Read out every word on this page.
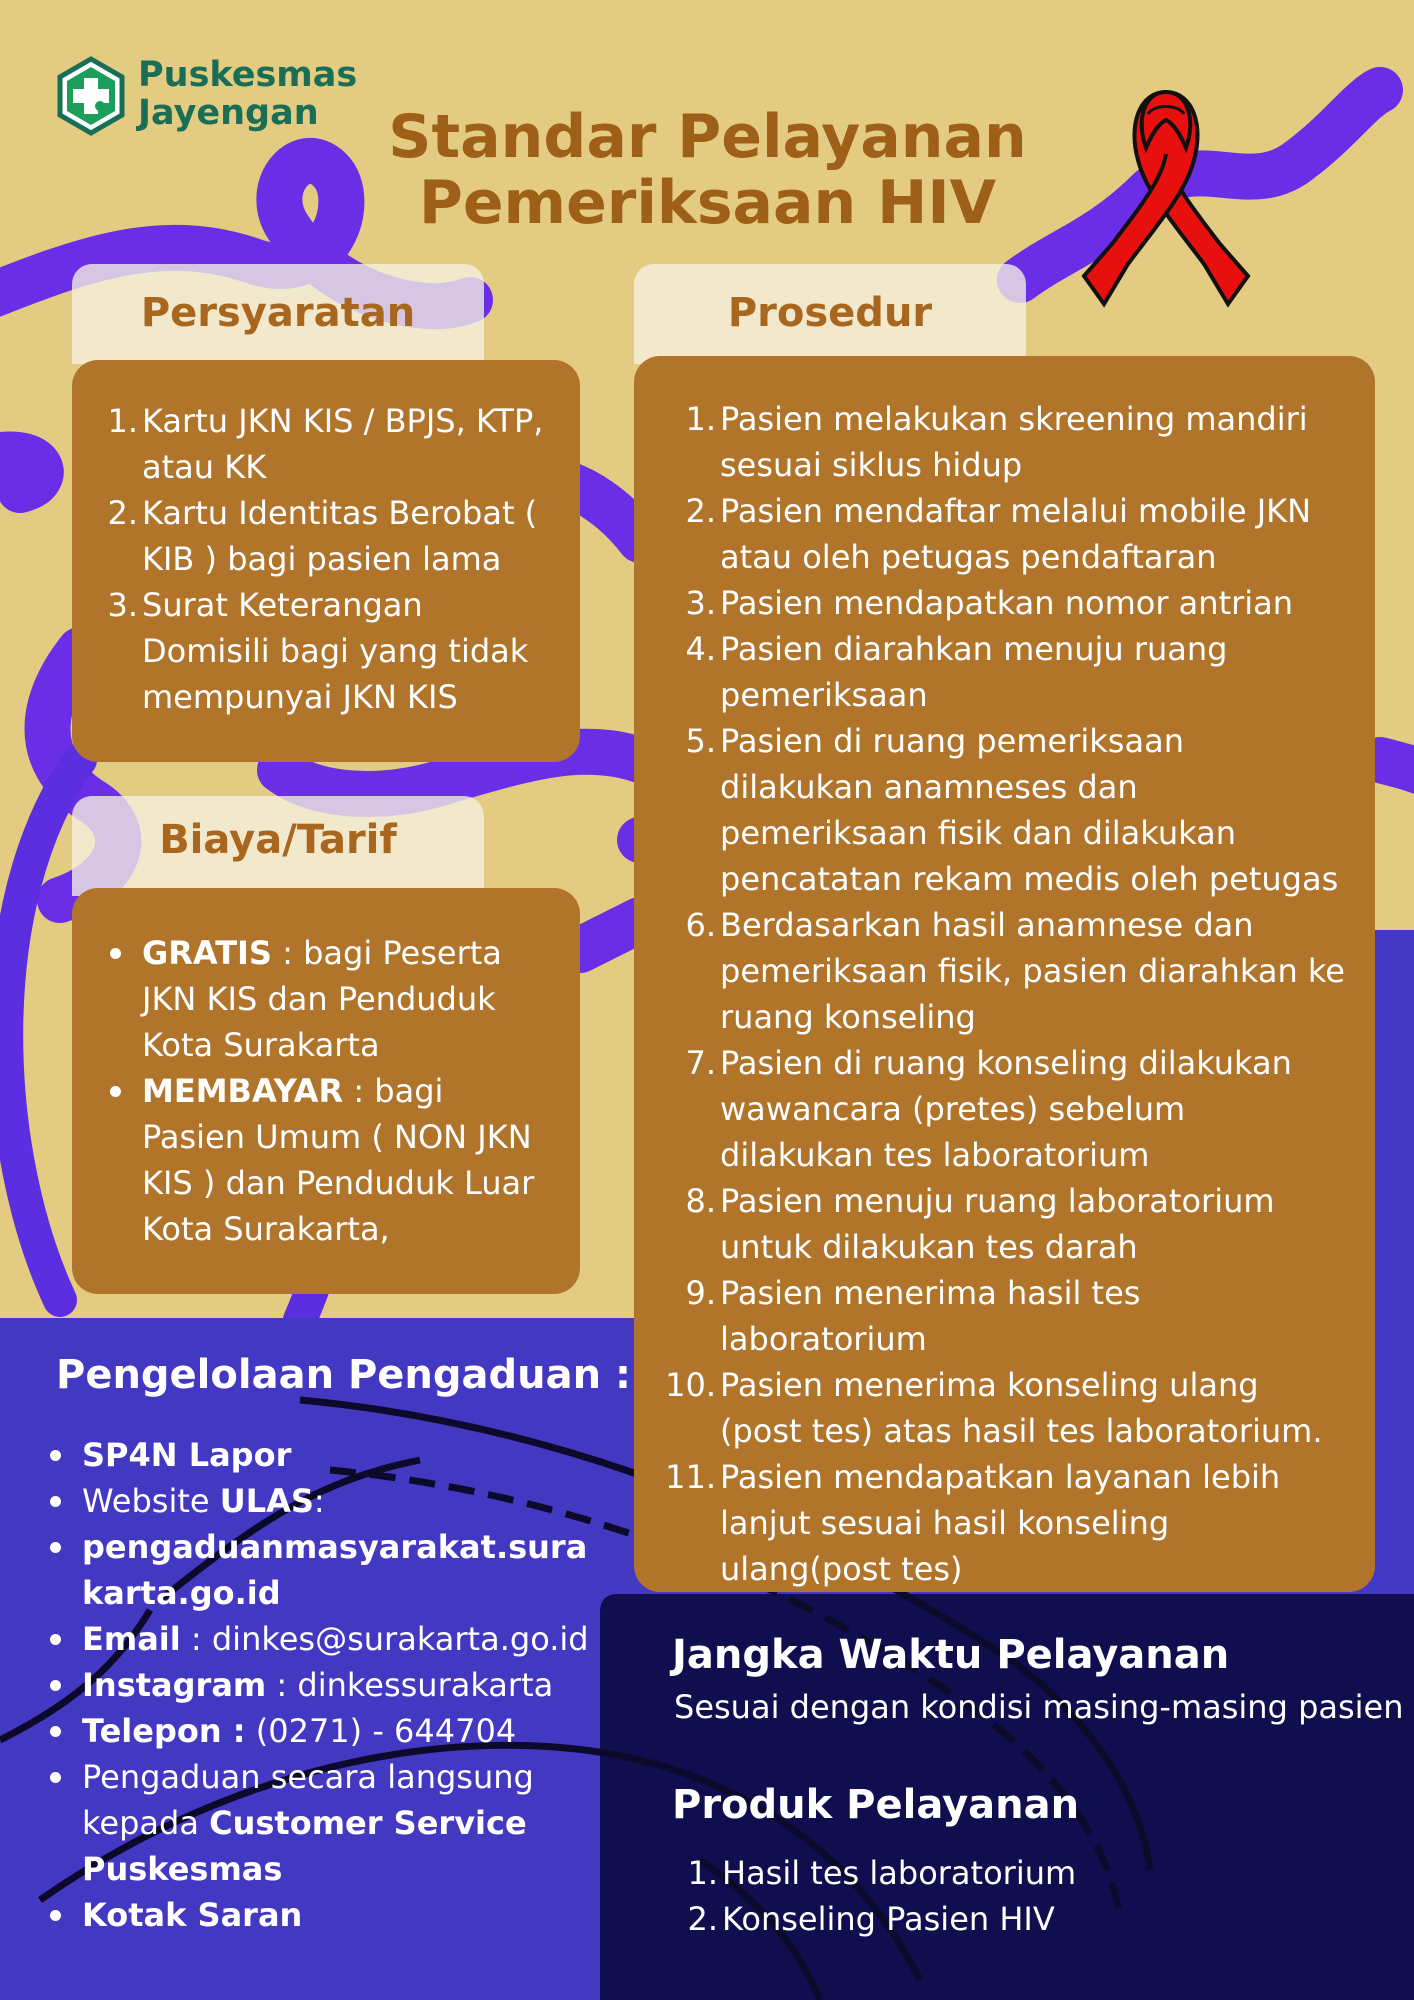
Puskesmas
Jayengan	Standar Pelayanan
Pemeriksaan HIV
Persyaratan
1. Kartu JKN KIS / BPJS, KTP, atau KK
2. Kartu Identitas Berobat ( KIB ) bagi pasien lama
3. Surat Keterangan Domisili bagi yang tidak mempunyai JKN KIS
Biaya/Tarif
GRATIS : bagi Peserta JKN KIS dan Penduduk Kota Surakarta
MEMBAYAR : bagi Pasien Umum ( NON JKN KIS ) dan Penduduk Luar Kota Surakarta,
Prosedur
1. Pasien melakukan skreening mandiri sesuai siklus hidup
2. Pasien mendaftar melalui mobile JKN atau oleh petugas pendaftaran
3. Pasien mendapatkan nomor antrian
4. Pasien diarahkan menuju ruang pemeriksaan
5. Pasien di ruang pemeriksaan dilakukan anamneses dan pemeriksaan fisik dan dilakukan pencatatan rekam medis oleh petugas
6. Berdasarkan hasil anamnese dan pemeriksaan fisik, pasien diarahkan ke ruang konseling
7. Pasien di ruang konseling dilakukan wawancara (pretes) sebelum dilakukan tes laboratorium
8. Pasien menuju ruang laboratorium untuk dilakukan tes darah
9. Pasien menerima hasil tes laboratorium
10. Pasien menerima konseling ulang (post tes) atas hasil tes laboratorium.
11. Pasien mendapatkan layanan lebih lanjut sesuai hasil konseling ulang(post tes)
Pengelolaan Pengaduan :
SP4N Lapor
Website ULAS:
pengaduanmasyarakat.surakarta.go.id
Email : dinkes@surakarta.go.id
Instagram : dinkessurakarta
Telepon : (0271) - 644704
Pengaduan secara langsung kepada Customer Service Puskesmas
Kotak Saran
Jangka Waktu Pelayanan
Sesuai dengan kondisi masing-masing pasien
Produk Pelayanan
1. Hasil tes laboratorium
2. Konseling Pasien HIV
